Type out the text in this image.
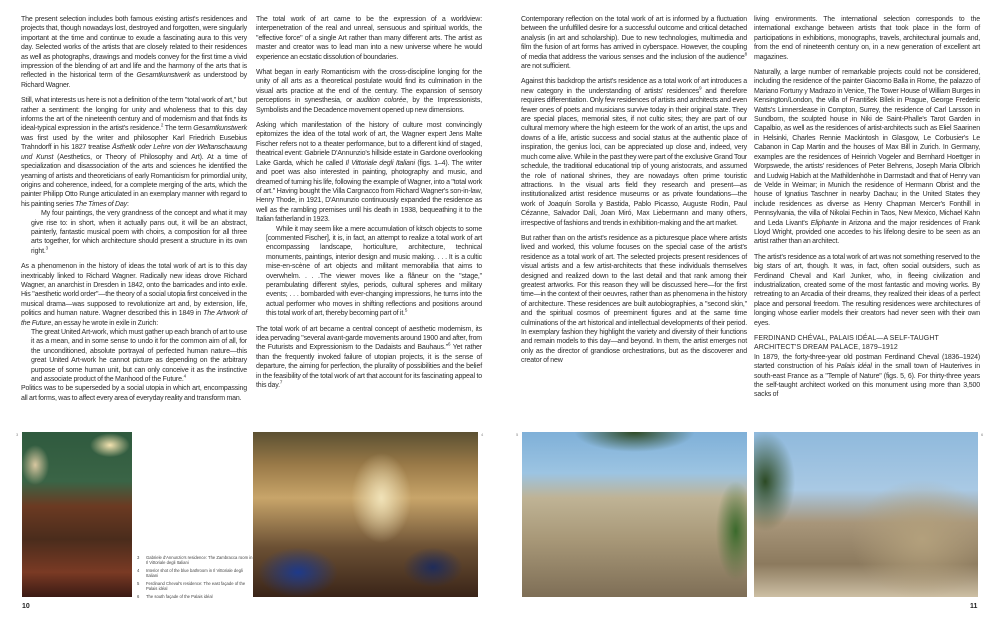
The present selection includes both famous existing artist's residences and projects that, though nowadays lost, destroyed and forgotten, were singularly important at the time and continue to exude a fascinating aura to this very day. Selected works of the artists that are closely related to their residences as well as photographs, drawings and models convey for the first time a vivid impression of the blending of art and life and the harmony of the arts that is reflected in the historical term of the Gesamtkunstwerk as understood by Richard Wagner.

Still, what interests us here is not a definition of the term "total work of art," but rather a sentiment: the longing for unity and wholeness that to this day informs the art of the nineteenth century and of modernism and that finds its ideal-typical expression in the artist's residence.$^2$ The term Gesamtkunstwerk was first used by the writer and philosopher Karl Friedrich Eusebius Trahndorff in his 1827 treatise Ästhetik oder Lehre von der Weltanschauung und Kunst (Aesthetics, or Theory of Philosophy and Art). At a time of specialization and disassociation of the arts and sciences he identified the yearning of artists and theoreticians of early Romanticism for primordial unity, origins and coherence, indeed, for a complete merging of the arts, which the painter Philipp Otto Runge articulated in an exemplary manner with regard to his painting series The Times of Day:

My four paintings, the very grandness of the concept and what it may give rise to: in short, when it actually pans out, it will be an abstract, painterly, fantastic musical poem with choirs, a composition for all three arts together, for which architecture should present a structure in its own right.$^3$

As a phenomenon in the history of ideas the total work of art is to this day inextricably linked to Richard Wagner. Radically new ideas drove Richard Wagner, an anarchist in Dresden in 1842, onto the barricades and into exile. His "aesthetic world order"—the theory of a social utopia first conceived in the musical drama—was supposed to revolutionize art and, by extension, life, politics and human nature. Wagner described this in 1849 in The Artwork of the Future, an essay he wrote in exile in Zurich:

The great United Art-work, which must gather up each branch of art to use it as a mean, and in some sense to undo it for the common aim of all, for the unconditioned, absolute portrayal of perfected human nature—this great United Art-work he cannot picture as depending on the arbitrary purpose of some human unit, but can only conceive it as the instinctive and associate product of the Manhood of the Future.$^4$

Politics was to be superseded by a social utopia in which art, encompassing all art forms, was to affect every area of everyday reality and transform man.

The total work of art came to be the expression of a worldview: interpenetration of the real and unreal, sensuous and spiritual worlds, the "effective force" of a single Art rather than many different arts. The artist as master and creator was to lead man into a new universe where he would experience an ecstatic dissolution of boundaries.

What began in early Romanticism with the cross-discipline longing for the unity of all arts as a theoretical postulate would find its culmination in the visual arts practice at the end of the century. The expansion of sensory perceptions in synesthesia, or audition colorée, by the Impressionists, Symbolists and the Decadence movement opened up new dimensions.

Asking which manifestation of the history of culture most convincingly epitomizes the idea of the total work of art, the Wagner expert Jens Malte Fischer refers not to a theater performance, but to a different kind of staged, theatrical event: Gabriele D'Annunzio's hillside estate in Gardone overlooking Lake Garda, which he called Il Vittoriale degli Italiani (figs. 1–4). The writer and poet was also interested in painting, photography and music, and dreamed of turning his life, following the example of Wagner, into a "total work of art." Having bought the Villa Cargnacco from Richard Wagner's son-in-law, Henry Thode, in 1921, D'Annunzio continuously expanded the residence as well as the rambling premises until his death in 1938, bequeathing it to the Italian fatherland in 1923.

While it may seem like a mere accumulation of kitsch objects to some [commented Fischer], it is, in fact, an attempt to realize a total work of art encompassing landscape, horticulture, architecture, technical monuments, paintings, interior design and music making. . . . It is a cultic mise-en-scène of art objects and militant memorabilia that aims to overwhelm. . . .The viewer moves like a flâneur on the "stage," perambulating different styles, periods, cultural spheres and military events; . . . bombarded with ever-changing impressions, he turns into the actual performer who moves in shifting reflections and positions around this total work of art, thereby becoming part of it.$^5$

The total work of art became a central concept of aesthetic modernism, its idea pervading "several avant-garde movements around 1900 and after, from the Futurists and Expressionism to the Dadaists and Bauhaus."$^6$ Yet rather than the frequently invoked failure of utopian projects, it is the sense of departure, the aiming for perfection, the plurality of possibilities and the belief in the feasibility of the total work of art that account for its fascinating appeal to this day.$^7$

Contemporary reflection on the total work of art is informed by a fluctuation between the unfulfilled desire for a successful outcome and critical detached analysis (in art and scholarship). Due to new technologies, multimedia and film the fusion of art forms has arrived in cyberspace. However, the coupling of media that address the various senses and the inclusion of the audience$^8$ are not sufficient.

Against this backdrop the artist's residence as a total work of art introduces a new category in the understanding of artists' residences$^9$ and therefore requires differentiation. Only few residences of artists and architects and even fewer ones of poets and musicians survive today in their original state. They are special places, memorial sites, if not cultic sites; they are part of our cultural memory where the high esteem for the work of an artist, the ups and downs of a life, artistic success and social status at the authentic place of inspiration, the genius loci, can be appreciated up close and, indeed, very much come alive. While in the past they were part of the exclusive Grand Tour schedule, the traditional educational trip of young aristocrats, and assumed the role of national shrines, they are nowadays often prime touristic attractions. In the visual arts field they research and present—as institutionalized artist residence museums or as private foundations—the work of Joaquín Sorolla y Bastida, Pablo Picasso, Auguste Rodin, Paul Cézanne, Salvador Dalí, Joan Miró, Max Liebermann and many others, irrespective of fashions and trends in exhibition-making and the art market.

But rather than on the artist's residence as a picturesque place where artists lived and worked, this volume focuses on the special case of the artist's residence as a total work of art. The selected projects present residences of visual artists and a few artist-architects that these individuals themselves designed and realized down to the last detail and that rank among their greatest artworks. For this reason they will be discussed here—for the first time—in the context of their oeuvres, rather than as phenomena in the history of architecture. These residences are built autobiographies, a "second skin," and the spiritual cosmos of preeminent figures and at the same time culminations of the art historical and intellectual developments of their period. In exemplary fashion they highlight the variety and diversity of their functions and remain models to this day—and beyond. In them, the artist emerges not only as the director of grandiose orchestrations, but as the discoverer and creator of new

living environments. The international selection corresponds to the international exchange between artists that took place in the form of participations in exhibitions, monographs, travels, architectural journals and, from the end of nineteenth century on, in a new generation of excellent art magazines.

Naturally, a large number of remarkable projects could not be considered, including the residence of the painter Giacomo Balla in Rome, the palazzo of Mariano Fortuny y Madrazo in Venice, The Tower House of William Burges in Kensington/London, the villa of František Bílek in Prague, George Frederic Watts's Limnerslease in Compton, Surrey, the residence of Carl Larsson in Sundborn, the sculpted house in Niki de Saint-Phalle's Tarot Garden in Capalbio, as well as the residences of artist-architects such as Eliel Saarinen in Helsinki, Charles Rennie Mackintosh in Glasgow, Le Corbusier's Le Cabanon in Cap Martin and the houses of Max Bill in Zurich. In Germany, examples are the residences of Heinrich Vogeler and Bernhard Hoettger in Worpswede, the artists' residences of Peter Behrens, Joseph Maria Olbrich and Ludwig Habich at the Mathildenhöhe in Darmstadt and that of Henry van de Velde in Weimar; in Munich the residence of Hermann Obrist and the house of Ignatius Taschner in nearby Dachau; in the United States they include residences as diverse as Henry Chapman Mercer's Fonthill in Pennsylvania, the villa of Nikolai Fechin in Taos, New Mexico, Michael Kahn and Leda Livant's Eliphante in Arizona and the major residences of Frank Lloyd Wright, provided one accedes to his lifelong desire to be seen as an artist rather than an architect.

The artist's residence as a total work of art was not something reserved to the big stars of art, though. It was, in fact, often social outsiders, such as Ferdinand Cheval and Karl Junker, who, in fleeing civilization and industrialization, created some of the most fantastic and moving works. By retreating to an Arcadia of their dreams, they realized their ideas of a perfect place and personal freedom. The resulting residences were architectures of longing whose earlier models their creators had never seen with their own eyes.

FERDINAND CHÉVAL, PALAIS IDÉAL—A SELF-TAUGHT ARCHITECT'S DREAM PALACE, 1879–1912

In 1879, the forty-three-year old postman Ferdinand Cheval (1836–1924) started construction of his Palais idéal in the small town of Hauterives in south-east France as a "Temple of Nature" (figs. 5, 6). For thirty-three years the self-taught architect worked on this monument using more than 3,500 sacks of

3	4	5	6
3	Gabriele d'Annunzio's residence: The Zambracca room in Il Vittoriale degli Italiani
4	Interior shot of the blue bathroom in Il Vittoriale degli Italiani
5	Ferdinand Cheval's residence: The east façade of the Palais idéal
6	The south façade of the Palais idéal
10	11
